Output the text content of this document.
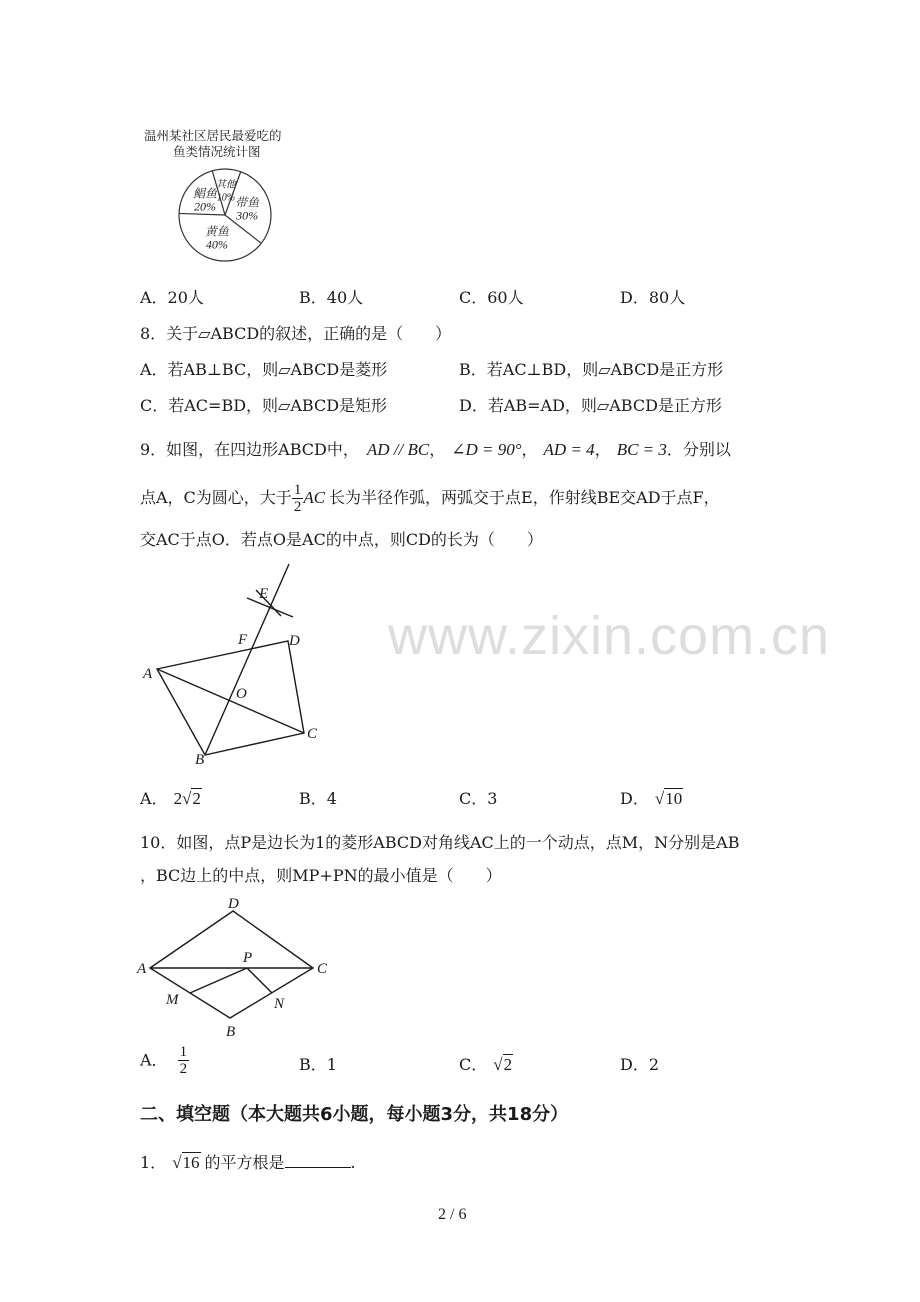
www.zixin.com.cn
温州某社区居民最爱吃的
鱼类情况统计图
其他
10% 带鱼
30%
黄鱼
40%
鲳鱼
20%
A．20人	B．40人	C．60人	D．80人
8．关于▱ABCD的叙述，正确的是（　　）
A．若AB⊥BC，则▱ABCD是菱形	B．若AC⊥BD，则▱ABCD是正方形
C．若AC=BD，则▱ABCD是矩形	D．若AB=AD，则▱ABCD是正方形
9．如图，在四边形ABCD中， AD // BC， ∠D = 90°， AD = 4， BC = 3．分别以
点A，C为圆心，大于 $\frac{1}{2}$ AC 长为半径作弧，两弧交于点E，作射线BE交AD于点F，
交AC于点O．若点O是AC的中点，则CD的长为（　　）
E
F	D
A
O
C
B
A． 2√2	B．4	C．3	D． √10
10．如图，点P是边长为1的菱形ABCD对角线AC上的一个动点，点M，N分别是AB
，BC边上的中点，则MP+PN的最小值是（　　）
D
A
P
C
M	N
B
A． $\frac{1}{2}$	B．1	C． √2	D．2
二、填空题（本大题共6小题，每小题3分，共18分）
1． √16 的平方根是	.
2 / 6
